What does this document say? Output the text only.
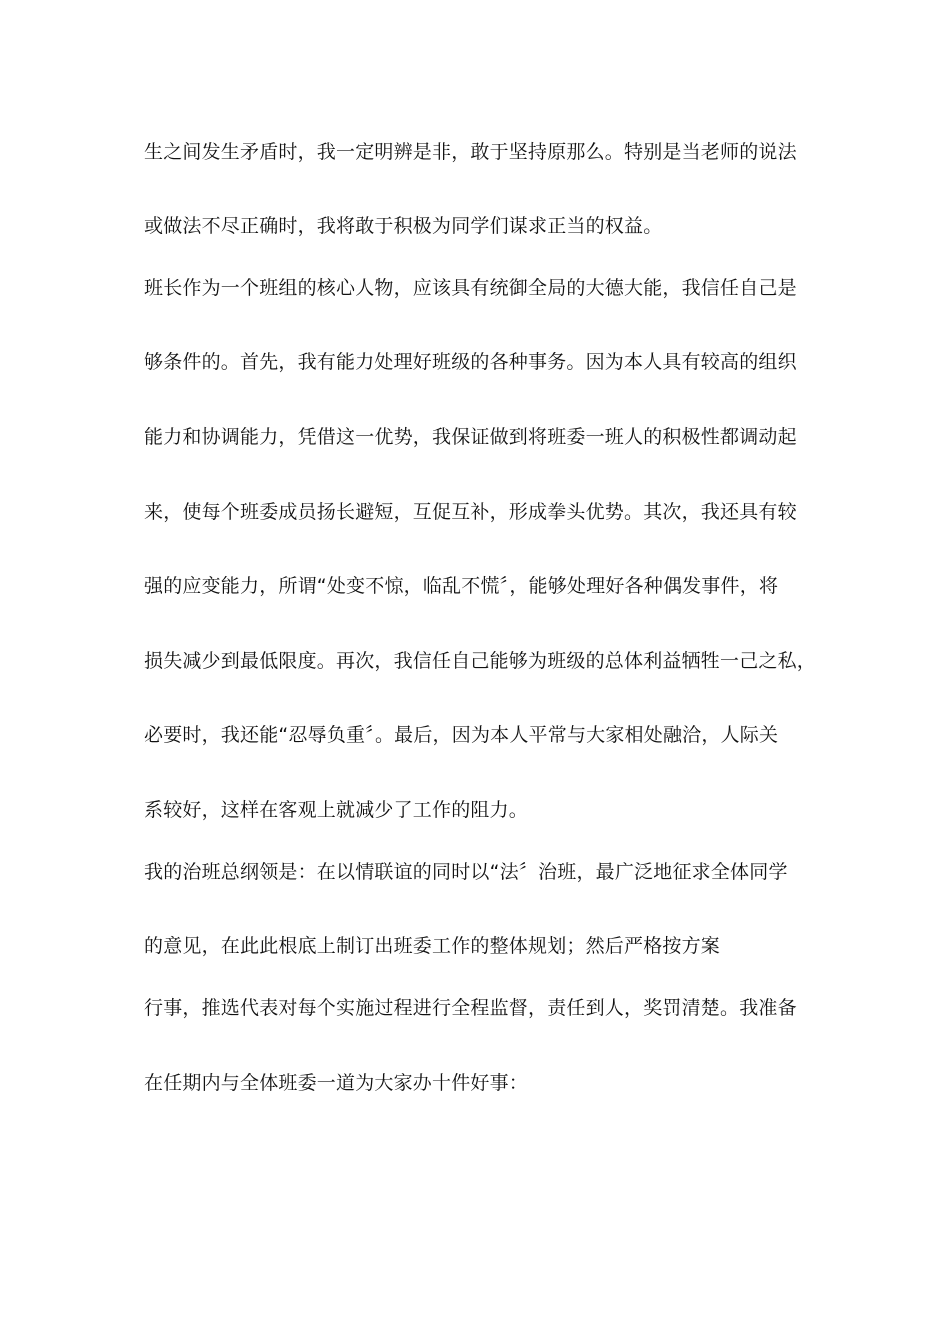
生之间发生矛盾时，我一定明辨是非，敢于坚持原那么。特别是当老师的说法

或做法不尽正确时，我将敢于积极为同学们谋求正当的权益。

班长作为一个班组的核心人物，应该具有统御全局的大德大能，我信任自己是

够条件的。首先，我有能力处理好班级的各种事务。因为本人具有较高的组织

能力和协调能力，凭借这一优势，我保证做到将班委一班人的积极性都调动起

来，使每个班委成员扬长避短，互促互补，形成拳头优势。其次，我还具有较

强的应变能力，所谓“处变不惊，临乱不慌〞，能够处理好各种偶发事件，将

损失减少到最低限度。再次，我信任自己能够为班级的总体利益牺牲一己之私，

必要时，我还能“忍辱负重〞。最后，因为本人平常与大家相处融洽，人际关

系较好，这样在客观上就减少了工作的阻力。

我的治班总纲领是：在以情联谊的同时以“法〞治班，最广泛地征求全体同学

的意见，在此此根底上制订出班委工作的整体规划；然后严格按方案

行事，推选代表对每个实施过程进行全程监督，责任到人，奖罚清楚。我准备

在任期内与全体班委一道为大家办十件好事：
